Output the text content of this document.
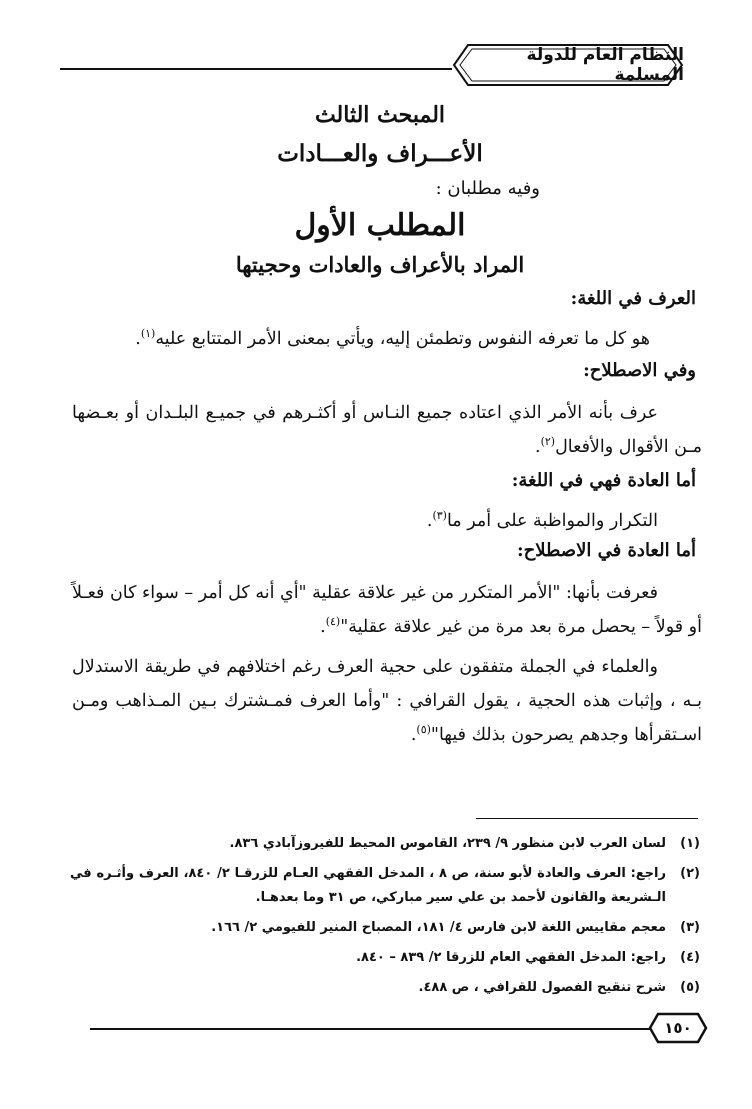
النظام العام للدولة المسلمة
المبحث الثالث
الأعـــراف والعـــادات
وفيه مطلبان :
المطلب الأول
المراد بالأعراف والعادات وحجيتها
العرف في اللغة:
هو كل ما تعرفه النفوس وتطمئن إليه، ويأتي بمعنى الأمر المتتابع عليه$^{(١)}$.
وفي الاصطلاح:
عرف بأنه الأمر الذي اعتاده جميع النـاس أو أكثـرهم في جميـع البلـدان أو بعـضها مـن الأقوال والأفعال$^{(٢)}$.
أما العادة فهي في اللغة:
التكرار والمواظبة على أمر ما$^{(٣)}$.
أما العادة في الاصطلاح:
فعرفت بأنها: "الأمر المتكرر من غير علاقة عقلية "أي أنه كل أمر – سواء كان فعـلاً أو قولاً – يحصل مرة بعد مرة من غير علاقة عقلية"$^{(٤)}$.
والعلماء في الجملة متفقون على حجية العرف رغم اختلافهم في طريقة الاستدلال بـه ، وإثبات هذه الحجية ، يقول القرافي : "وأما العرف فمـشترك بـين المـذاهب ومـن اسـتقرأها وجدهم يصرحون بذلك فيها"$^{(٥)}$.
(١)
لسان العرب لابن منظور ٩/ ٢٣٩، القاموس المحيط للفيروزآبادي ٨٣٦.
(٢)
راجع: العرف والعادة لأبو سنة، ص ٨ ، المدخل الفقهي العـام للزرقـا ٢/ ٨٤٠، العرف وأثـره في الـشريعة والقانون لأحمد بن علي سير مباركي، ص ٣١ وما بعدهـا.
(٣)
معجم مقاييس اللغة لابن فارس ٤/ ١٨١، المصباح المنير للفيومي ٢/ ١٦٦.
(٤)
راجع: المدخل الفقهي العام للزرقا ٢/ ٨٣٩ – ٨٤٠.
(٥)
شرح تنقيح الفصول للقرافي ، ص ٤٨٨.
١٥٠
